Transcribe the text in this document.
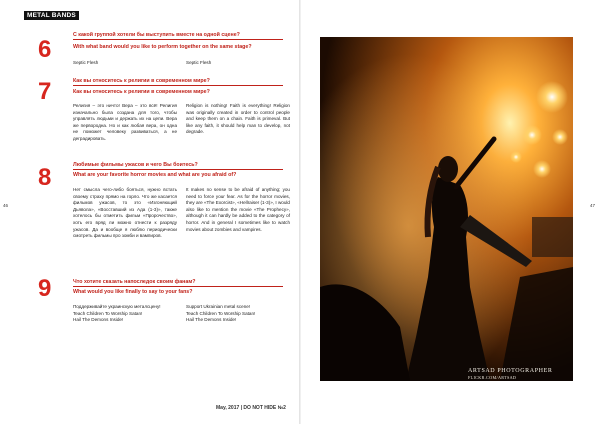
METAL BANDS
46	47
6
С какой группой хотели бы выступить вместе на одной сцене?
With what band would you like to perform together on the same stage?
Septic Flesh	Septic Flesh
7	Как вы относитесь к религии в современном мире?
Как вы относитесь к религии в современном мире?
Религия – это ничто! Вера – это всё! Религия изначально была создана для того, чтобы управлять людьми и держать их на цепи. Вера же первородна. Но и как любая вера, он одна не поможет человеку развиваться, а не деградировать.
Religion is nothing! Faith is everything! Religion was originally created in order to control people and keep them on a chain. Faith is primeval. But like any faith, it should help man to develop, not degrade.
8	Любимые фильмы ужасов и чего Вы боитесь?
What are your favorite horror movies and what are you afraid of?
Нет смысла чего-либо бояться, нужно встать своему страху прямо на горло. Что же касается фильмов ужасов, то это «Изгоняющий Дьявола», «Восставший из Ада (1-3)», также хотелось бы отметить фильм «Пророчество», хоть его вряд ли можно отнести к разряду ужасов. Да и вообще я люблю периодически смотреть фильмы про зомби и вампиров.
It makes no sense to be afraid of anything; you need to force your fear. As for the horror movies, they are «The Exorcist», «Hellraiser (1-3)», I would also like to mention the movie «The Prophecy», although it can hardly be added to the category of horror. And in general I sometimes like to watch movies about zombies and vampires.
9	Что хотите сказать напоследок своим фанам?
What would you like finally to say to your fans?
Поддерживайте украинскую металсцену!
Teach Children To Worship Satan!
Hail The Demons Inside!
Support Ukrainian metal scene!
Teach Children To Worship Satan!
Hail The Demons Inside!
ARTSAD PHOTOGRAPHER
FLICKR.COM/ARTSAD
May, 2017 | DO NOT HIDE №2
